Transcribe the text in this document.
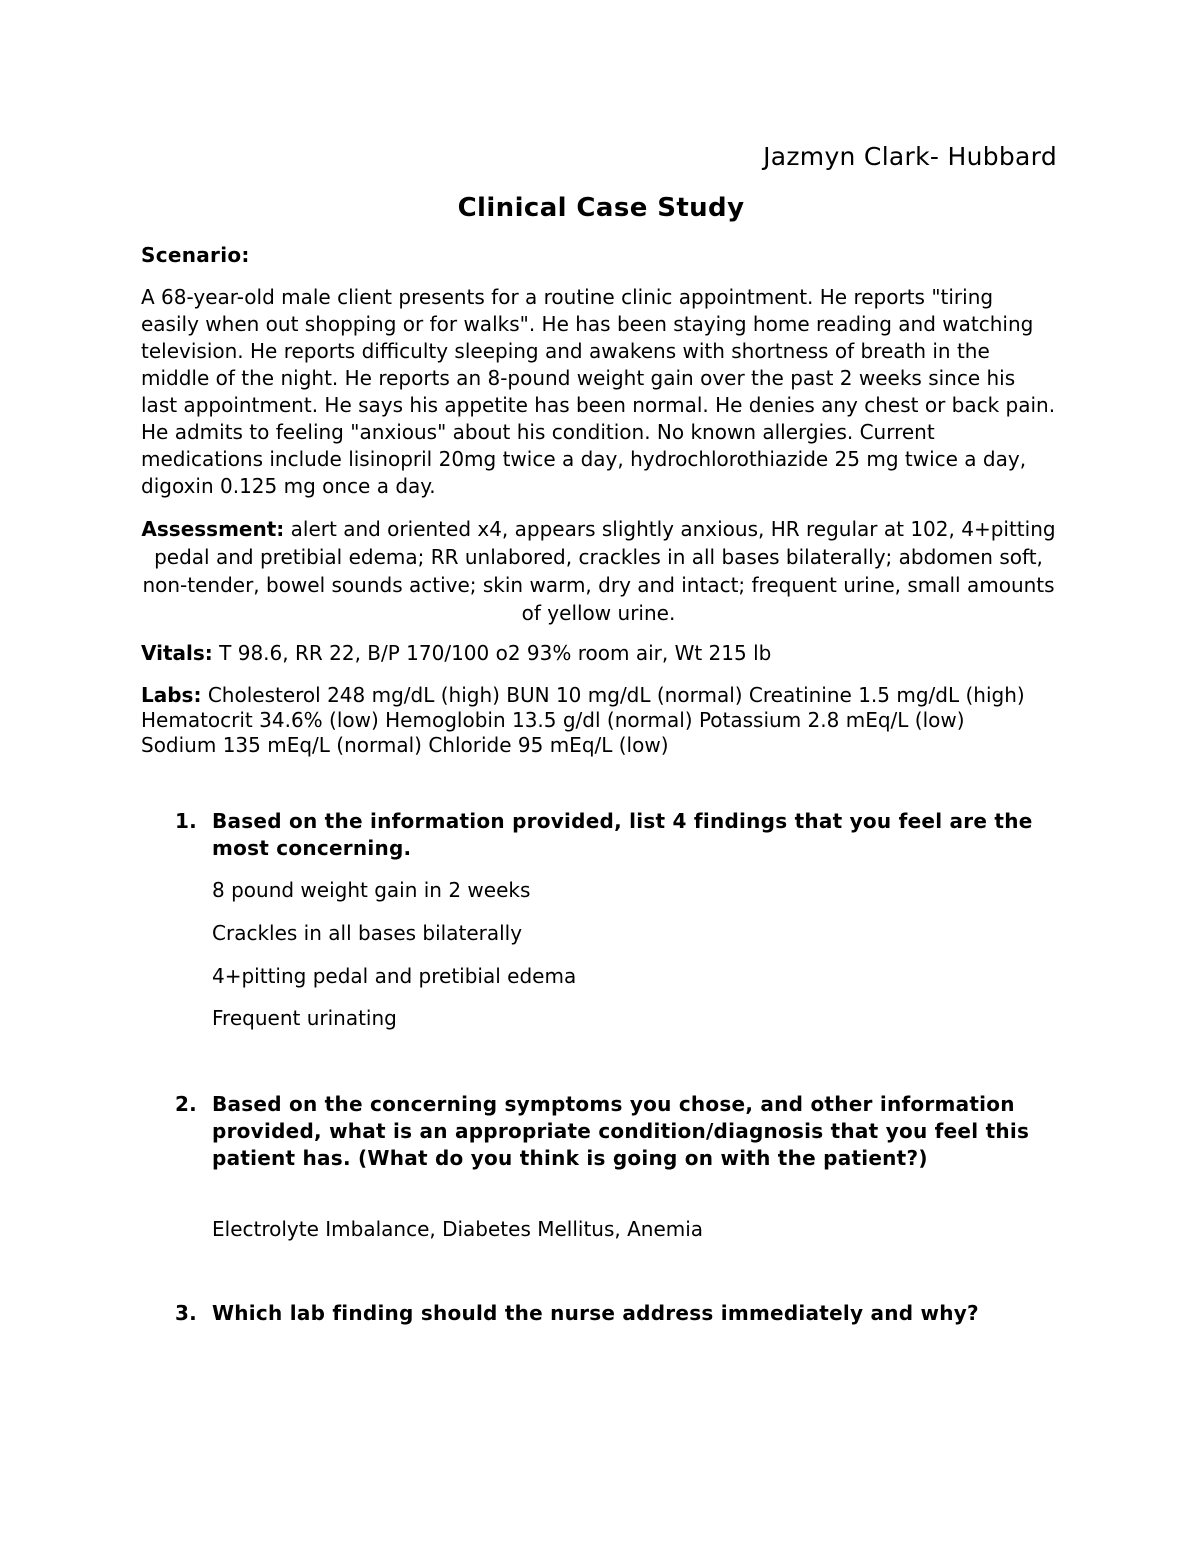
Jazmyn Clark- Hubbard
Clinical Case Study
Scenario:
A 68-year-old male client presents for a routine clinic appointment. He reports "tiring easily when out shopping or for walks". He has been staying home reading and watching television. He reports difficulty sleeping and awakens with shortness of breath in the middle of the night. He reports an 8-pound weight gain over the past 2 weeks since his last appointment. He says his appetite has been normal. He denies any chest or back pain. He admits to feeling "anxious" about his condition. No known allergies. Current medications include lisinopril 20mg twice a day, hydrochlorothiazide 25 mg twice a day, digoxin 0.125 mg once a day.
Assessment: alert and oriented x4, appears slightly anxious, HR regular at 102, 4+pitting pedal and pretibial edema; RR unlabored, crackles in all bases bilaterally; abdomen soft, non-tender, bowel sounds active; skin warm, dry and intact; frequent urine, small amounts of yellow urine.
Vitals: T 98.6, RR 22, B/P 170/100 o2 93% room air, Wt 215 lb
Labs: Cholesterol 248 mg/dL (high) BUN 10 mg/dL (normal) Creatinine 1.5 mg/dL (high)
Hematocrit 34.6% (low) Hemoglobin 13.5 g/dl (normal) Potassium 2.8 mEq/L (low)
Sodium 135 mEq/L (normal) Chloride 95 mEq/L (low)
1. Based on the information provided, list 4 findings that you feel are the most concerning.
8 pound weight gain in 2 weeks
Crackles in all bases bilaterally
4+pitting pedal and pretibial edema
Frequent urinating
2. Based on the concerning symptoms you chose, and other information provided, what is an appropriate condition/diagnosis that you feel this patient has. (What do you think is going on with the patient?)
Electrolyte Imbalance, Diabetes Mellitus, Anemia
3. Which lab finding should the nurse address immediately and why?
